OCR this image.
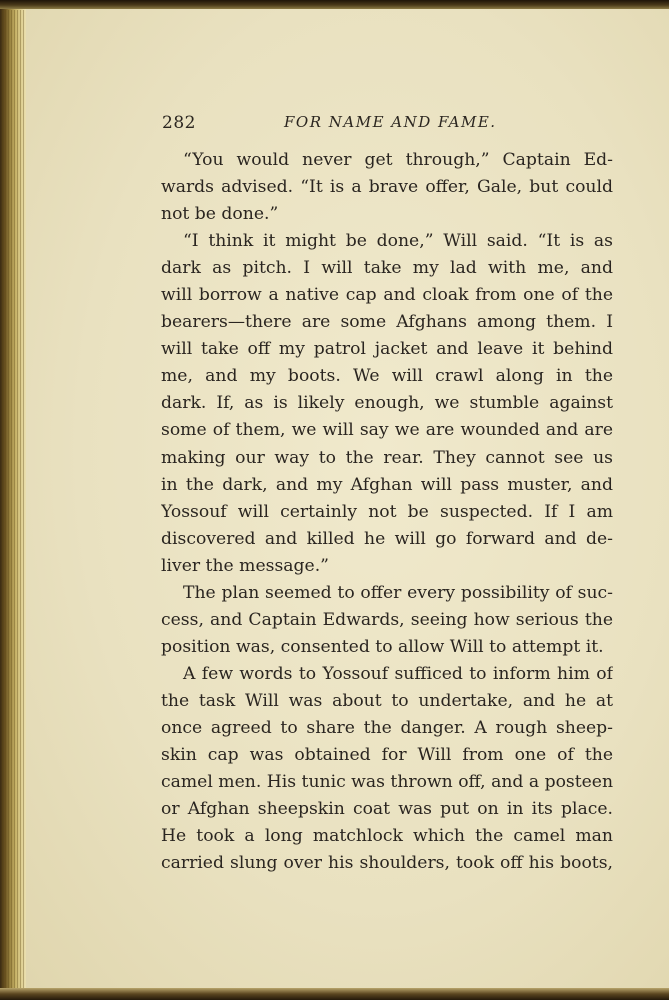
282	FOR NAME AND FAME.
“You would never get through,” Captain Ed-
wards advised. “It is a brave offer, Gale, but could
not be done.”
“I think it might be done,” Will said. “It is as
dark as pitch. I will take my lad with me, and
will borrow a native cap and cloak from one of the
bearers—there are some Afghans among them. I
will take off my patrol jacket and leave it behind
me, and my boots. We will crawl along in the
dark. If, as is likely enough, we stumble against
some of them, we will say we are wounded and are
making our way to the rear. They cannot see us
in the dark, and my Afghan will pass muster, and
Yossouf will certainly not be suspected. If I am
discovered and killed he will go forward and de-
liver the message.”
The plan seemed to offer every possibility of suc-
cess, and Captain Edwards, seeing how serious the
position was, consented to allow Will to attempt it.
A few words to Yossouf sufficed to inform him of
the task Will was about to undertake, and he at
once agreed to share the danger. A rough sheep-
skin cap was obtained for Will from one of the
camel men. His tunic was thrown off, and a posteen
or Afghan sheepskin coat was put on in its place.
He took a long matchlock which the camel man
carried slung over his shoulders, took off his boots,
